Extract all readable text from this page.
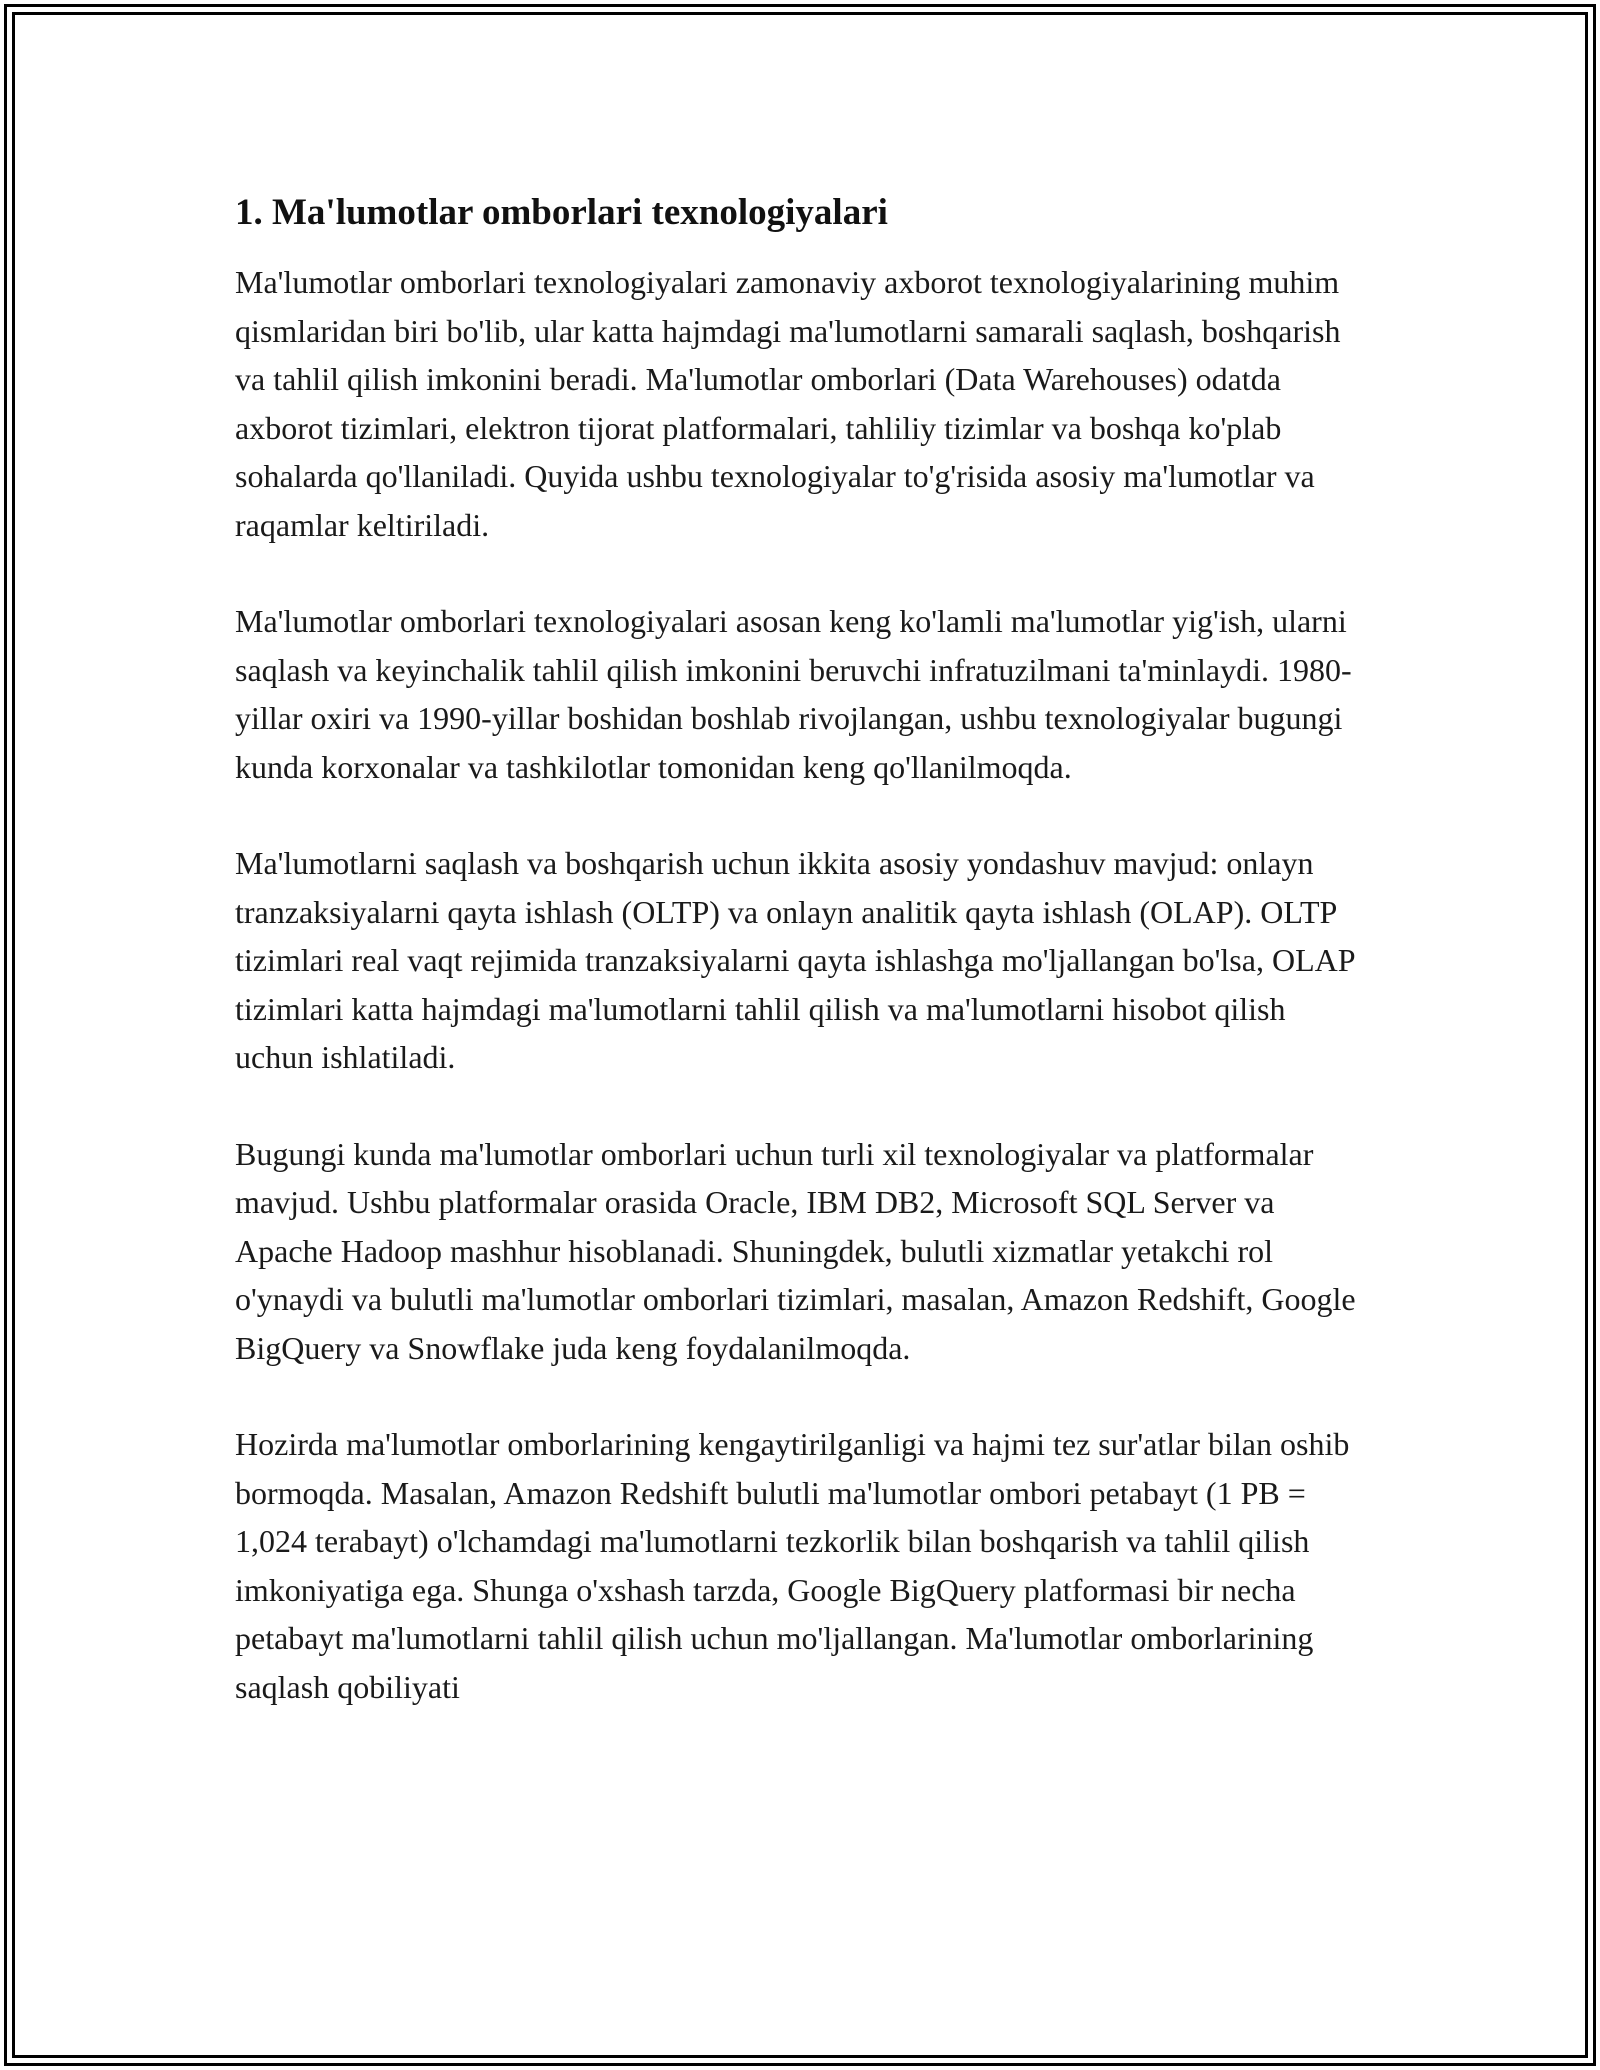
1. Ma'lumotlar omborlari texnologiyalari

Ma'lumotlar omborlari texnologiyalari zamonaviy axborot texnologiyalarining muhim qismlaridan biri bo'lib, ular katta hajmdagi ma'lumotlarni samarali saqlash, boshqarish va tahlil qilish imkonini beradi. Ma'lumotlar omborlari (Data Warehouses) odatda axborot tizimlari, elektron tijorat platformalari, tahliliy tizimlar va boshqa ko'plab sohalarda qo'llaniladi. Quyida ushbu texnologiyalar to'g'risida asosiy ma'lumotlar va raqamlar keltiriladi.

Ma'lumotlar omborlari texnologiyalari asosan keng ko'lamli ma'lumotlar yig'ish, ularni saqlash va keyinchalik tahlil qilish imkonini beruvchi infratuzilmani ta'minlaydi. 1980-yillar oxiri va 1990-yillar boshidan boshlab rivojlangan, ushbu texnologiyalar bugungi kunda korxonalar va tashkilotlar tomonidan keng qo'llanilmoqda.

Ma'lumotlarni saqlash va boshqarish uchun ikkita asosiy yondashuv mavjud: onlayn tranzaksiyalarni qayta ishlash (OLTP) va onlayn analitik qayta ishlash (OLAP). OLTP tizimlari real vaqt rejimida tranzaksiyalarni qayta ishlashga mo'ljallangan bo'lsa, OLAP tizimlari katta hajmdagi ma'lumotlarni tahlil qilish va ma'lumotlarni hisobot qilish uchun ishlatiladi.

Bugungi kunda ma'lumotlar omborlari uchun turli xil texnologiyalar va platformalar mavjud. Ushbu platformalar orasida Oracle, IBM DB2, Microsoft SQL Server va Apache Hadoop mashhur hisoblanadi. Shuningdek, bulutli xizmatlar yetakchi rol o'ynaydi va bulutli ma'lumotlar omborlari tizimlari, masalan, Amazon Redshift, Google BigQuery va Snowflake juda keng foydalanilmoqda.

Hozirda ma'lumotlar omborlarining kengaytirilganligi va hajmi tez sur'atlar bilan oshib bormoqda. Masalan, Amazon Redshift bulutli ma'lumotlar ombori petabayt (1 PB = 1,024 terabayt) o'lchamdagi ma'lumotlarni tezkorlik bilan boshqarish va tahlil qilish imkoniyatiga ega. Shunga o'xshash tarzda, Google BigQuery platformasi bir necha petabayt ma'lumotlarni tahlil qilish uchun mo'ljallangan. Ma'lumotlar omborlarining saqlash qobiliyati
